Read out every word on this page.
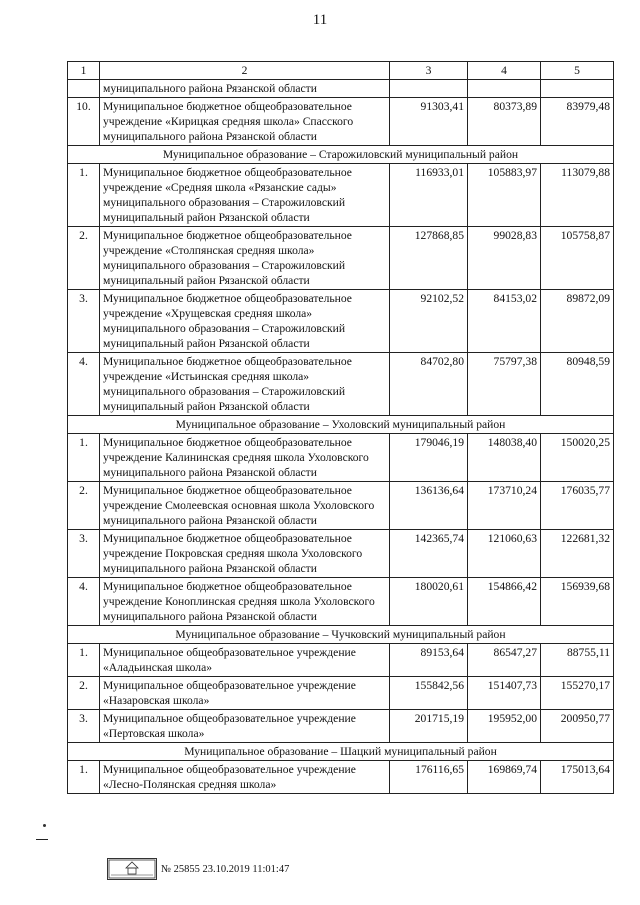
11
1	2	3	4	5
	муниципального района Рязанской области			
10.	Муниципальное бюджетное общеобразовательное учреждение «Кирицкая средняя школа» Спасского муниципального района Рязанской области	91303,41	80373,89	83979,48
Муниципальное образование – Старожиловский муниципальный район				
1.	Муниципальное бюджетное общеобразовательное учреждение «Средняя школа «Рязанские сады» муниципального образования – Старожиловский муниципальный район Рязанской области	116933,01	105883,97	113079,88
2.	Муниципальное бюджетное общеобразовательное учреждение «Столпянская средняя школа» муниципального образования – Старожиловский муниципальный район Рязанской области	127868,85	99028,83	105758,87
3.	Муниципальное бюджетное общеобразовательное учреждение «Хрущевская средняя школа» муниципального образования – Старожиловский муниципальный район Рязанской области	92102,52	84153,02	89872,09
4.	Муниципальное бюджетное общеобразовательное учреждение «Истьинская средняя школа» муниципального образования – Старожиловский муниципальный район Рязанской области	84702,80	75797,38	80948,59
Муниципальное образование – Ухоловский муниципальный район				
1.	Муниципальное бюджетное общеобразовательное учреждение Калининская средняя школа Ухоловского муниципального района Рязанской области	179046,19	148038,40	150020,25
2.	Муниципальное бюджетное общеобразовательное учреждение Смолеевская основная школа Ухоловского муниципального района Рязанской области	136136,64	173710,24	176035,77
3.	Муниципальное бюджетное общеобразовательное учреждение Покровская средняя школа Ухоловского муниципального района Рязанской области	142365,74	121060,63	122681,32
4.	Муниципальное бюджетное общеобразовательное учреждение Коноплинская средняя школа Ухоловского муниципального района Рязанской области	180020,61	154866,42	156939,68
Муниципальное образование – Чучковский муниципальный район				
1.	Муниципальное общеобразовательное учреждение «Аладьинская школа»	89153,64	86547,27	88755,11
2.	Муниципальное общеобразовательное учреждение «Назаровская школа»	155842,56	151407,73	155270,17
3.	Муниципальное общеобразовательное учреждение «Пертовская школа»	201715,19	195952,00	200950,77
Муниципальное образование – Шацкий муниципальный район				
1.	Муниципальное общеобразовательное учреждение «Лесно-Полянская средняя школа»	176116,65	169869,74	175013,64
№ 25855 23.10.2019 11:01:47
